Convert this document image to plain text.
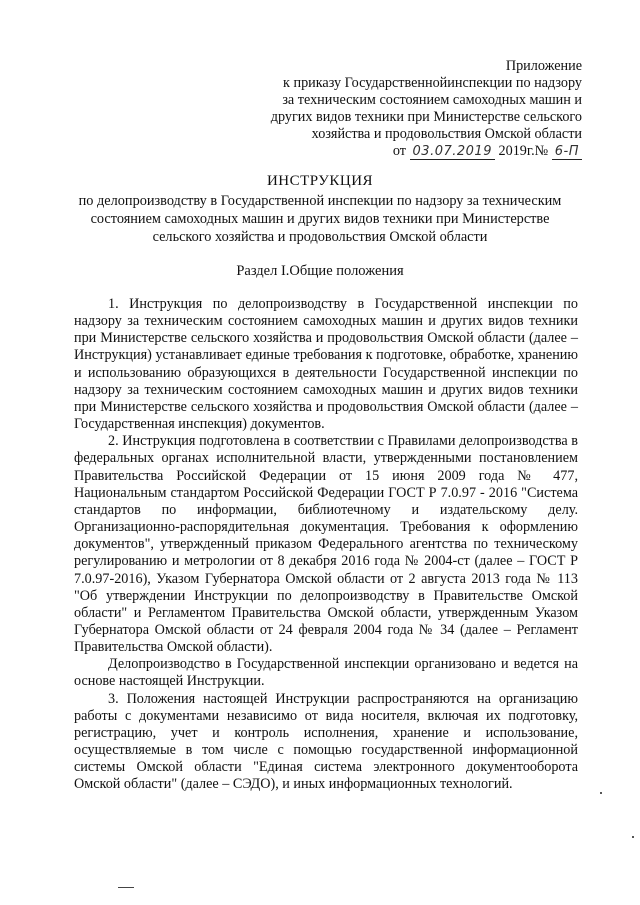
Приложение
к приказу Государственнойинспекции по надзору
за техническим состоянием самоходных машин и
других видов техники при Министерстве сельского
хозяйства и продовольствия Омской области
от 03.07.2019 2019г.№ 6-П
ИНСТРУКЦИЯ
по делопроизводству в Государственной инспекции по надзору за техническим состоянием самоходных машин и других видов техники при Министерстве сельского хозяйства и продовольствия Омской области
Раздел I.Общие положения

1. Инструкция по делопроизводству в Государственной инспекции по надзору за техническим состоянием самоходных машин и других видов техники при Министерстве сельского хозяйства и продовольствия Омской области (далее – Инструкция) устанавливает единые требования к подготовке, обработке, хранению и использованию образующихся в деятельности Государственной инспекции по надзору за техническим состоянием самоходных машин и других видов техники при Министерстве сельского хозяйства и продовольствия Омской области (далее – Государственная инспекция) документов.

2. Инструкция подготовлена в соответствии с Правилами делопроизводства в федеральных органах исполнительной власти, утвержденными постановлением Правительства Российской Федерации от 15 июня 2009 года № 477, Национальным стандартом Российской Федерации ГОСТ Р 7.0.97 - 2016 "Система стандартов по информации, библиотечному и издательскому делу. Организационно-распорядительная документация. Требования к оформлению документов", утвержденный приказом Федерального агентства по техническому регулированию и метрологии от 8 декабря 2016 года № 2004-ст (далее – ГОСТ Р 7.0.97-2016), Указом Губернатора Омской области от 2 августа 2013 года № 113 "Об утверждении Инструкции по делопроизводству в Правительстве Омской области" и Регламентом Правительства Омской области, утвержденным Указом Губернатора Омской области от 24 февраля 2004 года № 34 (далее – Регламент Правительства Омской области).

Делопроизводство в Государственной инспекции организовано и ведется на основе настоящей Инструкции.

3. Положения настоящей Инструкции распространяются на организацию работы с документами независимо от вида носителя, включая их подготовку, регистрацию, учет и контроль исполнения, хранение и использование, осуществляемые в том числе с помощью государственной информационной системы Омской области "Единая система электронного документооборота Омской области" (далее – СЭДО), и иных информационных технологий.
